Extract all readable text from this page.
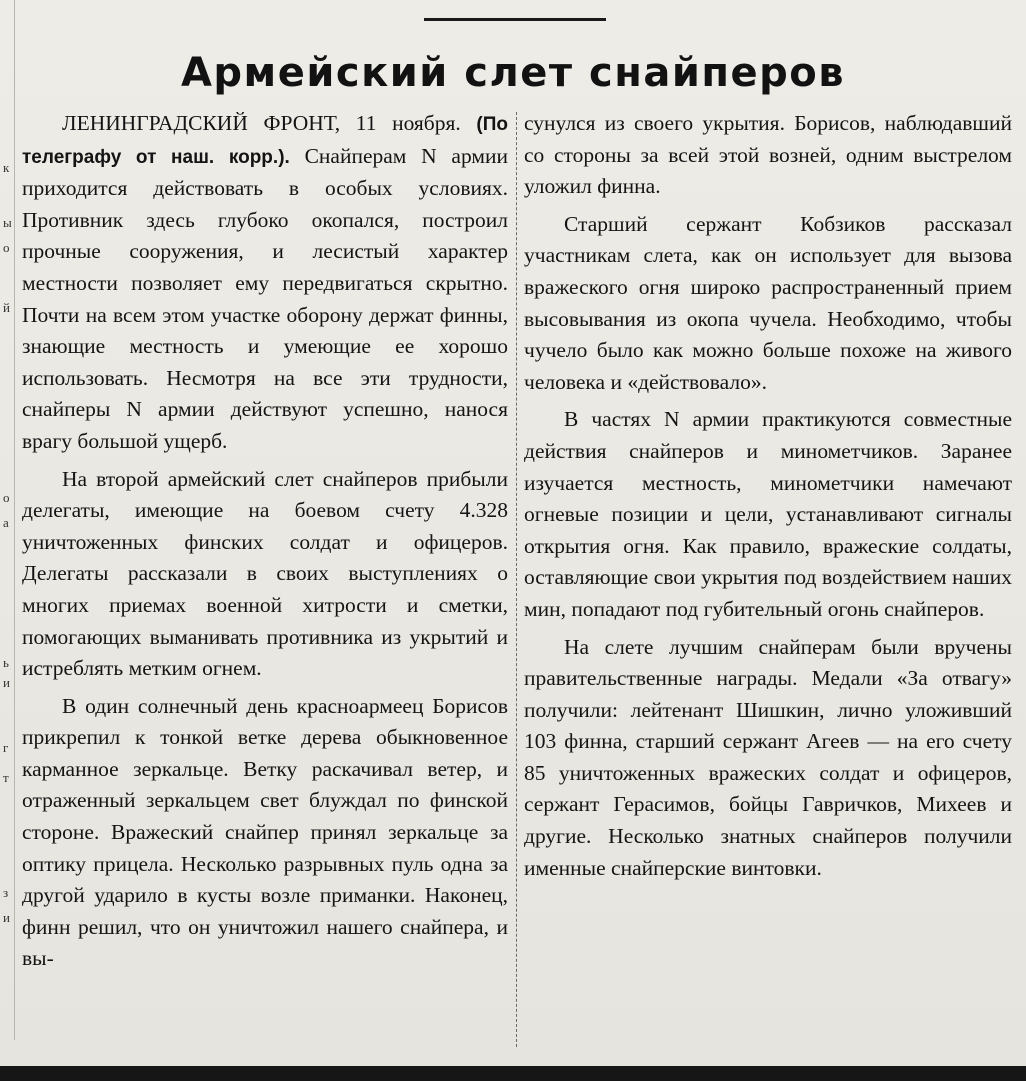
к
ы
о
й
о
а
ь
и
г
т
з
и
Армейский слет снайперов

ЛЕНИНГРАДСКИЙ ФРОНТ, 11 ноября. (По телеграфу от наш. корр.). Снайперам N армии приходится действовать в особых условиях. Противник здесь глубоко окопался, построил прочные сооружения, и лесистый характер местности позволяет ему передвигаться скрытно. Почти на всем этом участке оборону держат финны, знающие местность и умеющие ее хорошо использовать. Несмотря на все эти трудности, снайперы N армии действуют успешно, нанося врагу большой ущерб.

На второй армейский слет снайперов прибыли делегаты, имеющие на боевом счету 4.328 уничтоженных финских солдат и офицеров. Делегаты рассказали в своих выступлениях о многих приемах военной хитрости и сметки, помогающих выманивать противника из укрытий и истреблять метким огнем.

В один солнечный день красноармеец Борисов прикрепил к тонкой ветке дерева обыкновенное карманное зеркальце. Ветку раскачивал ветер, и отраженный зеркальцем свет блуждал по финской стороне. Вражеский снайпер принял зеркальце за оптику прицела. Несколько разрывных пуль одна за другой ударило в кусты возле приманки. Наконец, финн решил, что он уничтожил нашего снайпера, и вы-

сунулся из своего укрытия. Борисов, наблюдавший со стороны за всей этой возней, одним выстрелом уложил финна.

Старший сержант Кобзиков рассказал участникам слета, как он использует для вызова вражеского огня широко распространенный прием высовывания из окопа чучела. Необходимо, чтобы чучело было как можно больше похоже на живого человека и «действовало».

В частях N армии практикуются совместные действия снайперов и минометчиков. Заранее изучается местность, минометчики намечают огневые позиции и цели, устанавливают сигналы открытия огня. Как правило, вражеские солдаты, оставляющие свои укрытия под воздействием наших мин, попадают под губительный огонь снайперов.

На слете лучшим снайперам были вручены правительственные награды. Медали «За отвагу» получили: лейтенант Шишкин, лично уложивший 103 финна, старший сержант Агеев — на его счету 85 уничтоженных вражеских солдат и офицеров, сержант Герасимов, бойцы Гавричков, Михеев и другие. Несколько знатных снайперов получили именные снайперские винтовки.
